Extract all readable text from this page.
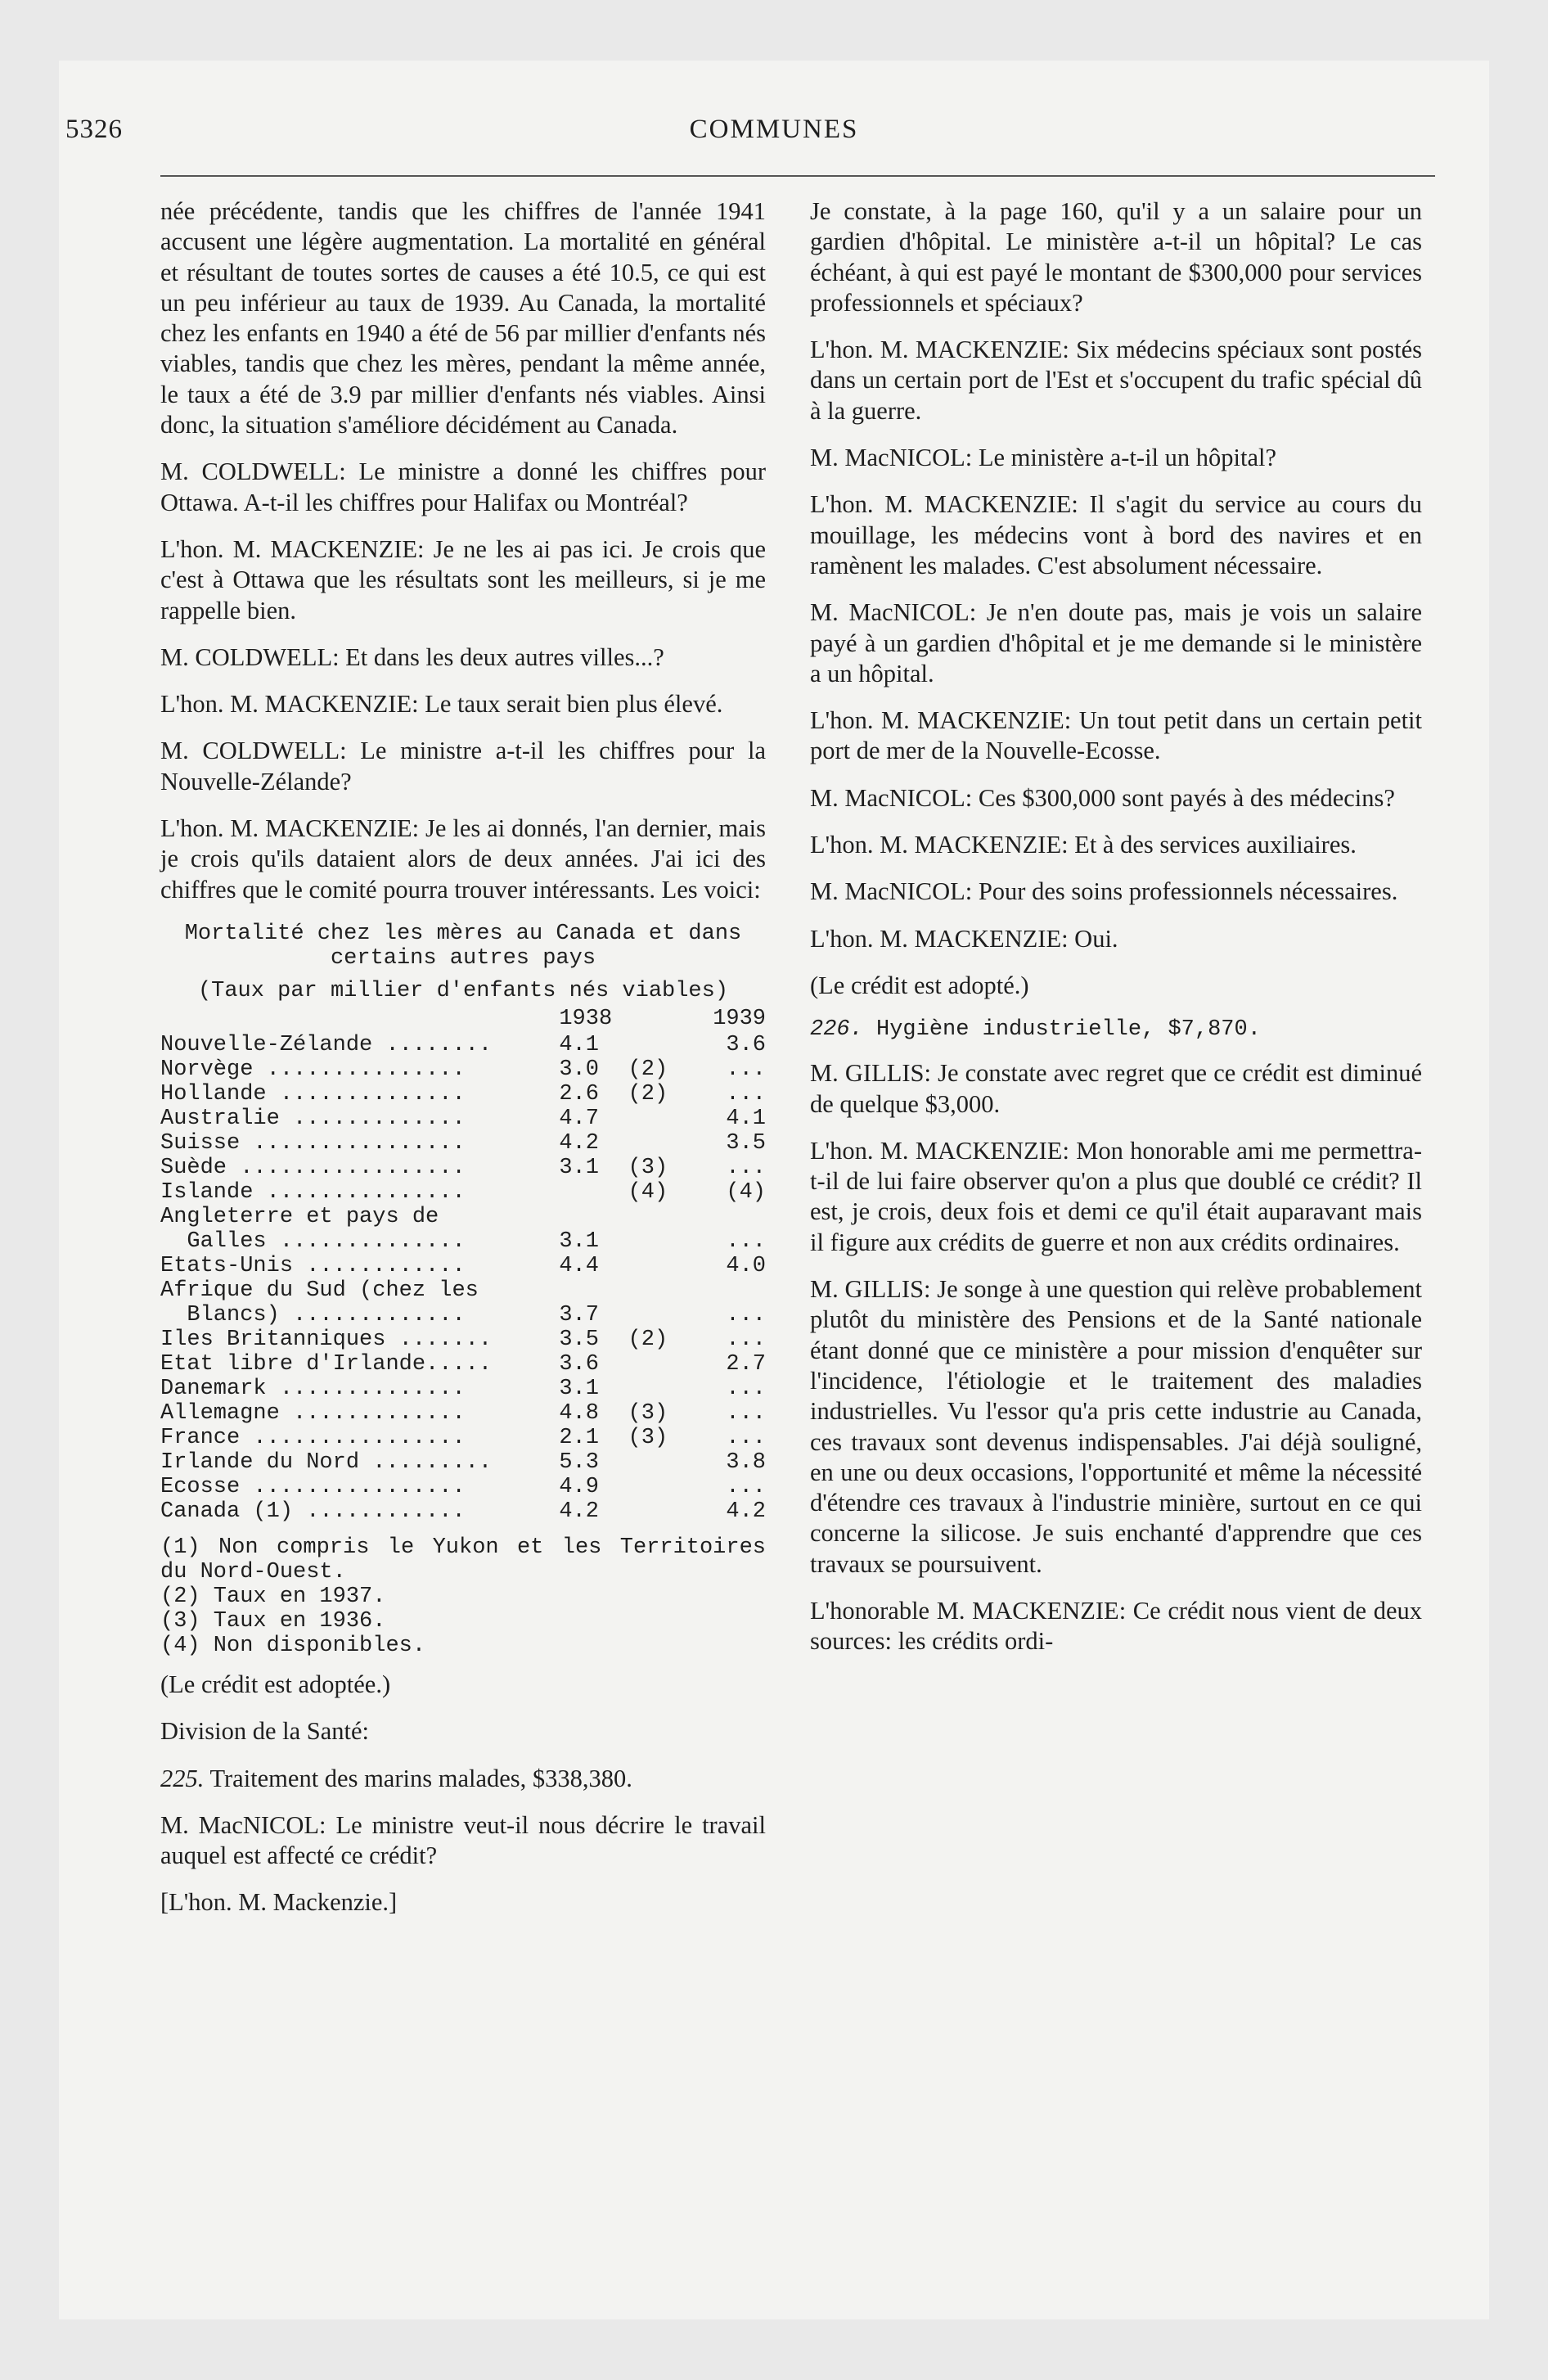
5326	COMMUNES

née précédente, tandis que les chiffres de l'année 1941 accusent une légère augmentation. La mortalité en général et résultant de toutes sortes de causes a été 10.5, ce qui est un peu inférieur au taux de 1939. Au Canada, la mortalité chez les enfants en 1940 a été de 56 par millier d'enfants nés viables, tandis que chez les mères, pendant la même année, le taux a été de 3.9 par millier d'enfants nés viables. Ainsi donc, la situation s'améliore décidément au Canada.

M. COLDWELL: Le ministre a donné les chiffres pour Ottawa. A-t-il les chiffres pour Halifax ou Montréal?

L'hon. M. MACKENZIE: Je ne les ai pas ici. Je crois que c'est à Ottawa que les résultats sont les meilleurs, si je me rappelle bien.

M. COLDWELL: Et dans les deux autres villes...?

L'hon. M. MACKENZIE: Le taux serait bien plus élevé.

M. COLDWELL: Le ministre a-t-il les chiffres pour la Nouvelle-Zélande?

L'hon. M. MACKENZIE: Je les ai donnés, l'an dernier, mais je crois qu'ils dataient alors de deux années. J'ai ici des chiffres que le comité pourra trouver intéressants. Les voici:

Mortalité chez les mères au Canada et dans certains autres pays
(Taux par millier d'enfants nés viables)
	1938		1939
Nouvelle-Zélande ........	4.1		3.6
Norvège ...............	3.0	(2)	...
Hollande ..............	2.6	(2)	...
Australie .............	4.7		4.1
Suisse ................	4.2		3.5
Suède .................	3.1	(3)	...
Islande ...............		(4)	(4)
Angleterre et pays de			
Galles ..............	3.1		...
Etats-Unis ............	4.4		4.0
Afrique du Sud (chez les			
Blancs) .............	3.7		...
Iles Britanniques .......	3.5	(2)	...
Etat libre d'Irlande.....	3.6		2.7
Danemark ..............	3.1		...
Allemagne .............	4.8	(3)	...
France ................	2.1	(3)	...
Irlande du Nord .........	5.3		3.8
Ecosse ................	4.9		...
Canada (1) ............	4.2		4.2

(1) Non compris le Yukon et les Territoires du Nord-Ouest.

(2) Taux en 1937.

(3) Taux en 1936.

(4) Non disponibles.

(Le crédit est adoptée.)

Division de la Santé:

225. Traitement des marins malades, $338,380.

M. MacNICOL: Le ministre veut-il nous décrire le travail auquel est affecté ce crédit?

[L'hon. M. Mackenzie.]

Je constate, à la page 160, qu'il y a un salaire pour un gardien d'hôpital. Le ministère a-t-il un hôpital? Le cas échéant, à qui est payé le montant de $300,000 pour services professionnels et spéciaux?

L'hon. M. MACKENZIE: Six médecins spéciaux sont postés dans un certain port de l'Est et s'occupent du trafic spécial dû à la guerre.

M. MacNICOL: Le ministère a-t-il un hôpital?

L'hon. M. MACKENZIE: Il s'agit du service au cours du mouillage, les médecins vont à bord des navires et en ramènent les malades. C'est absolument nécessaire.

M. MacNICOL: Je n'en doute pas, mais je vois un salaire payé à un gardien d'hôpital et je me demande si le ministère a un hôpital.

L'hon. M. MACKENZIE: Un tout petit dans un certain petit port de mer de la Nouvelle-Ecosse.

M. MacNICOL: Ces $300,000 sont payés à des médecins?

L'hon. M. MACKENZIE: Et à des services auxiliaires.

M. MacNICOL: Pour des soins professionnels nécessaires.

L'hon. M. MACKENZIE: Oui.

(Le crédit est adopté.)

226. Hygiène industrielle, $7,870.

M. GILLIS: Je constate avec regret que ce crédit est diminué de quelque $3,000.

L'hon. M. MACKENZIE: Mon honorable ami me permettra-t-il de lui faire observer qu'on a plus que doublé ce crédit? Il est, je crois, deux fois et demi ce qu'il était auparavant mais il figure aux crédits de guerre et non aux crédits ordinaires.

M. GILLIS: Je songe à une question qui relève probablement plutôt du ministère des Pensions et de la Santé nationale étant donné que ce ministère a pour mission d'enquêter sur l'incidence, l'étiologie et le traitement des maladies industrielles. Vu l'essor qu'a pris cette industrie au Canada, ces travaux sont devenus indispensables. J'ai déjà souligné, en une ou deux occasions, l'opportunité et même la nécessité d'étendre ces travaux à l'industrie minière, surtout en ce qui concerne la silicose. Je suis enchanté d'apprendre que ces travaux se poursuivent.

L'honorable M. MACKENZIE: Ce crédit nous vient de deux sources: les crédits ordi-
